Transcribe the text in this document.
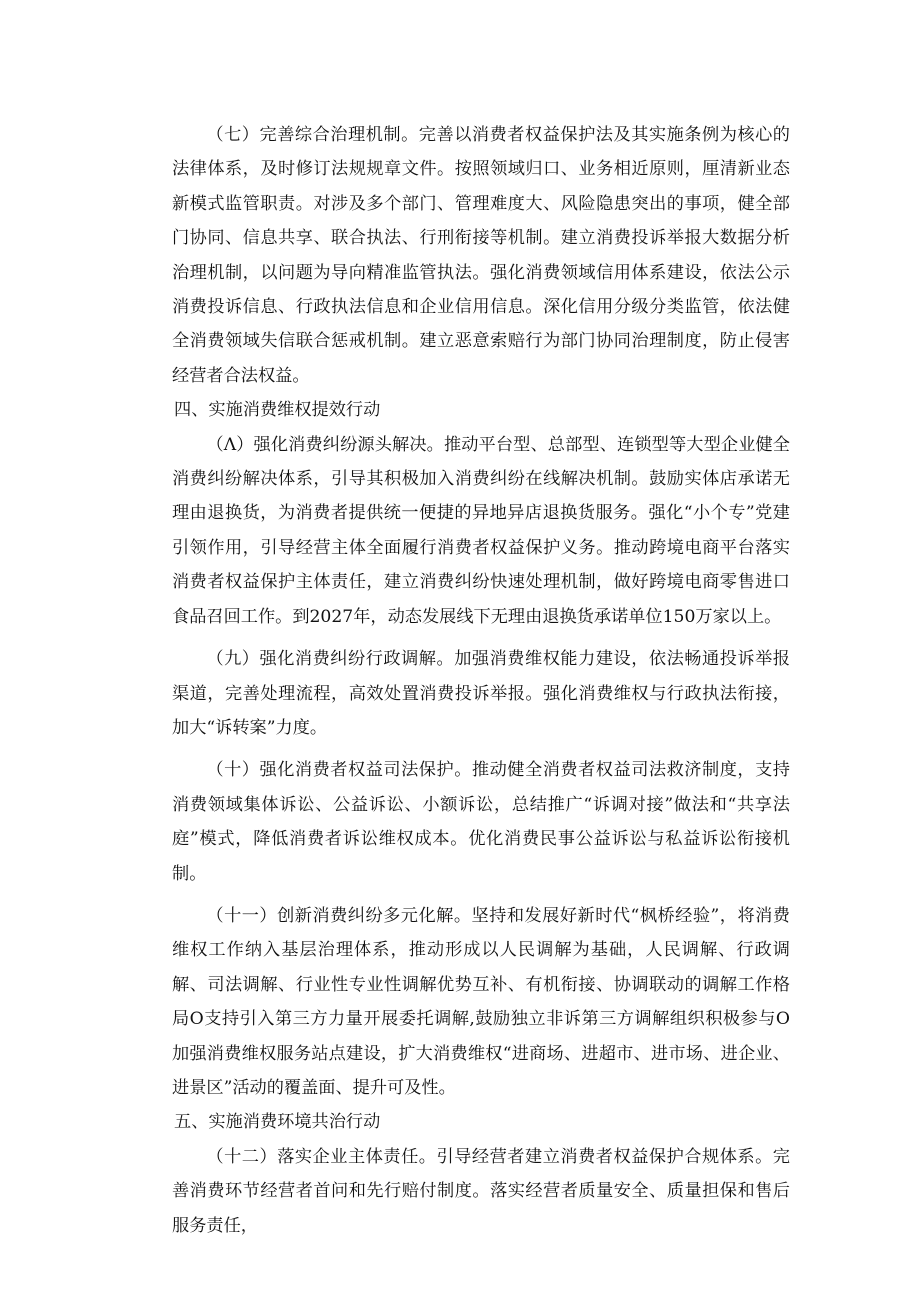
（七）完善综合治理机制。完善以消费者权益保护法及其实施条例为核心的法律体系，及时修订法规规章文件。按照领域归口、业务相近原则，厘清新业态新模式监管职责。对涉及多个部门、管理难度大、风险隐患突出的事项，健全部门协同、信息共享、联合执法、行刑衔接等机制。建立消费投诉举报大数据分析治理机制，以问题为导向精准监管执法。强化消费领域信用体系建设，依法公示消费投诉信息、行政执法信息和企业信用信息。深化信用分级分类监管，依法健全消费领域失信联合惩戒机制。建立恶意索赔行为部门协同治理制度，防止侵害经营者合法权益。

四、实施消费维权提效行动

（Λ）强化消费纠纷源头解决。推动平台型、总部型、连锁型等大型企业健全消费纠纷解决体系，引导其积极加入消费纠纷在线解决机制。鼓励实体店承诺无理由退换货，为消费者提供统一便捷的异地异店退换货服务。强化“小个专”党建引领作用，引导经营主体全面履行消费者权益保护义务。推动跨境电商平台落实消费者权益保护主体责任，建立消费纠纷快速处理机制，做好跨境电商零售进口食品召回工作。到2027年，动态发展线下无理由退换货承诺单位150万家以上。

（九）强化消费纠纷行政调解。加强消费维权能力建设，依法畅通投诉举报渠道，完善处理流程，高效处置消费投诉举报。强化消费维权与行政执法衔接，加大“诉转案”力度。

（十）强化消费者权益司法保护。推动健全消费者权益司法救济制度，支持消费领域集体诉讼、公益诉讼、小额诉讼，总结推广“诉调对接”做法和“共享法庭”模式，降低消费者诉讼维权成本。优化消费民事公益诉讼与私益诉讼衔接机制。

（十一）创新消费纠纷多元化解。坚持和发展好新时代“枫桥经验”，将消费维权工作纳入基层治理体系，推动形成以人民调解为基础，人民调解、行政调解、司法调解、行业性专业性调解优势互补、有机衔接、协调联动的调解工作格局O支持引入第三方力量开展委托调解,鼓励独立非诉第三方调解组织积极参与O加强消费维权服务站点建设，扩大消费维权“进商场、进超市、进市场、进企业、进景区”活动的覆盖面、提升可及性。

五、实施消费环境共治行动

（十二）落实企业主体责任。引导经营者建立消费者权益保护合规体系。完善消费环节经营者首问和先行赔付制度。落实经营者质量安全、质量担保和售后服务责任，
